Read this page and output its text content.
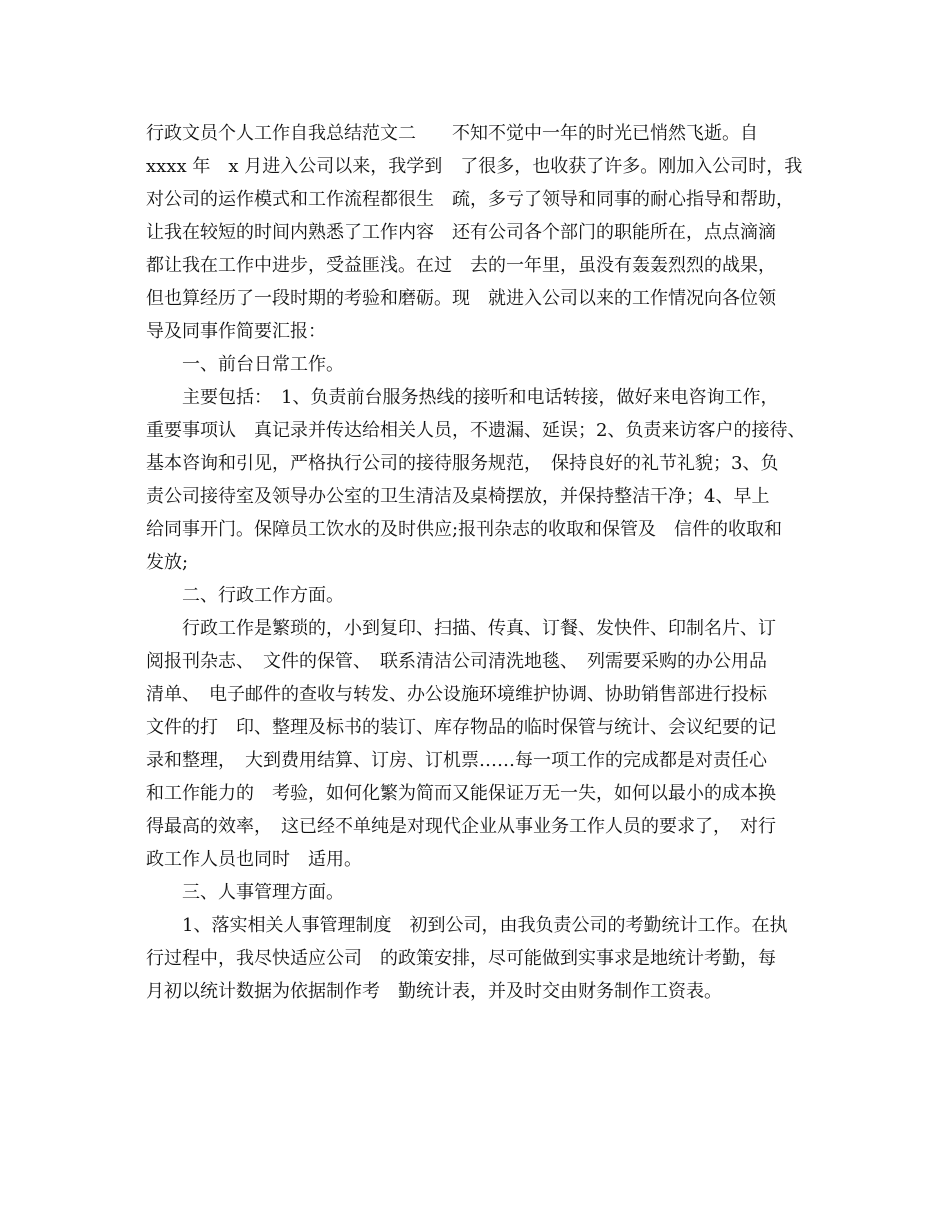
行政文员个人工作自我总结范文二　　不知不觉中一年的时光已悄然飞逝。自
xxxx 年　x 月进入公司以来，我学到　了很多，也收获了许多。刚加入公司时，我
对公司的运作模式和工作流程都很生　疏，多亏了领导和同事的耐心指导和帮助，
让我在较短的时间内熟悉了工作内容　还有公司各个部门的职能所在，点点滴滴
都让我在工作中进步，受益匪浅。在过　去的一年里，虽没有轰轰烈烈的战果，
但也算经历了一段时期的考验和磨砺。现　就进入公司以来的工作情况向各位领
导及同事作简要汇报：
　　一、前台日常工作。
　　主要包括：　1、负责前台服务热线的接听和电话转接，做好来电咨询工作，
重要事项认　真记录并传达给相关人员，不遗漏、延误；2、负责来访客户的接待、
基本咨询和引见，严格执行公司的接待服务规范，　保持良好的礼节礼貌；3、负
责公司接待室及领导办公室的卫生清洁及桌椅摆放，并保持整洁干净；4、早上
给同事开门。保障员工饮水的及时供应;报刊杂志的收取和保管及　信件的收取和
发放;
　　二、行政工作方面。
　　行政工作是繁琐的，小到复印、扫描、传真、订餐、发快件、印制名片、订
阅报刊杂志、　文件的保管、　联系清洁公司清洗地毯、　列需要采购的办公用品
清单、　电子邮件的查收与转发、办公设施环境维护协调、协助销售部进行投标
文件的打　印、整理及标书的装订、库存物品的临时保管与统计、会议纪要的记
录和整理，　大到费用结算、订房、订机票……每一项工作的完成都是对责任心
和工作能力的　考验，如何化繁为简而又能保证万无一失，如何以最小的成本换
得最高的效率，　这已经不单纯是对现代企业从事业务工作人员的要求了，　对行
政工作人员也同时　适用。
　　三、人事管理方面。
　　1、落实相关人事管理制度　初到公司，由我负责公司的考勤统计工作。在执
行过程中，我尽快适应公司　的政策安排，尽可能做到实事求是地统计考勤，每
月初以统计数据为依据制作考　勤统计表，并及时交由财务制作工资表。
